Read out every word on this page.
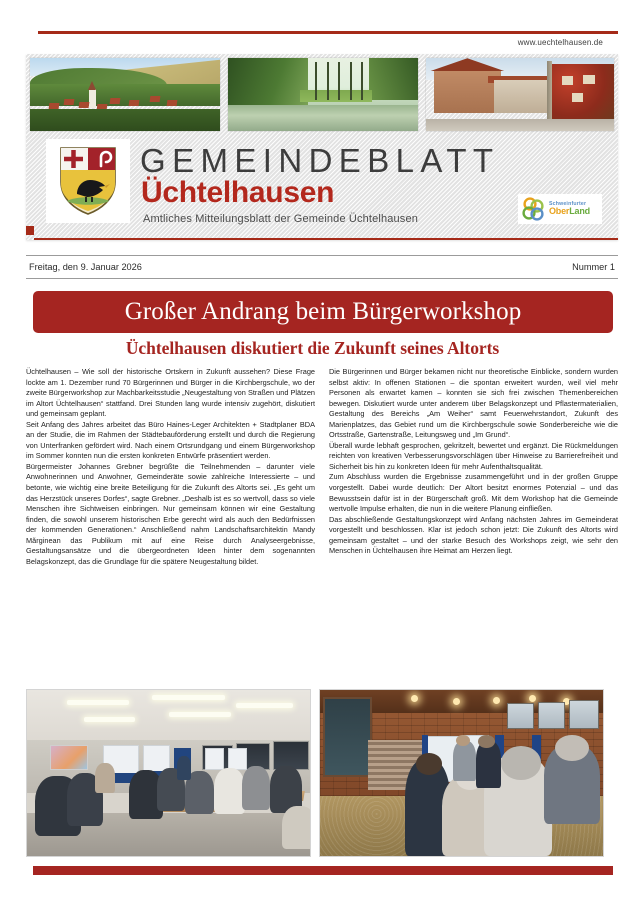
www.uechtelhausen.de
GEMEINDEBLATT
Üchtelhausen
Amtliches Mitteilungsblatt der Gemeinde Üchtelhausen
Schweinfurter
OberLand
Freitag, den 9. Januar 2026	Nummer 1
Großer Andrang beim Bürgerworkshop
Üchtelhausen diskutiert die Zukunft seines Altorts

Üchtelhausen – Wie soll der historische Ortskern in Zukunft aussehen? Diese Frage lockte am 1. Dezember rund 70 Bürgerinnen und Bürger in die Kirchbergschule, wo der zweite Bürgerworkshop zur Machbarkeitsstudie „Neugestaltung von Straßen und Plätzen im Altort Üchtelhausen“ stattfand. Drei Stunden lang wurde intensiv zugehört, diskutiert und gemeinsam geplant.

Seit Anfang des Jahres arbeitet das Büro Haines-Leger Architekten + Stadtplaner BDA an der Studie, die im Rahmen der Städtebauförderung erstellt und durch die Regierung von Unterfranken gefördert wird. Nach einem Ortsrundgang und einem Bürgerworkshop im Sommer konnten nun die ersten konkreten Entwürfe präsentiert werden.

Bürgermeister Johannes Grebner begrüßte die Teilnehmenden – darunter viele Anwohnerinnen und Anwohner, Gemeinderäte sowie zahlreiche Interessierte – und betonte, wie wichtig eine breite Beteiligung für die Zukunft des Altorts sei. „Es geht um das Herzstück unseres Dorfes“, sagte Grebner. „Deshalb ist es so wertvoll, dass so viele Menschen ihre Sichtweisen einbringen. Nur gemeinsam können wir eine Gestaltung finden, die sowohl unserem historischen Erbe gerecht wird als auch den Bedürfnissen der kommenden Generationen.“ Anschließend nahm Landschaftsarchitektin Mandy Mărginean das Publikum mit auf eine Reise durch Analyseergebnisse, Gestaltungsansätze und die übergeordneten Ideen hinter dem sogenannten Belagskonzept, das die Grundlage für die spätere Neugestaltung bildet.

Die Bürgerinnen und Bürger bekamen nicht nur theoretische Einblicke, sondern wurden selbst aktiv: In offenen Stationen – die spontan erweitert wurden, weil viel mehr Personen als erwartet kamen – konnten sie sich frei zwischen Themenbereichen bewegen. Diskutiert wurde unter anderem über Belagskonzept und Pflastermaterialien, Gestaltung des Bereichs „Am Weiher“ samt Feuerwehrstandort, Zukunft des Marienplatzes, das Gebiet rund um die Kirchbergschule sowie Sonderbereiche wie die Ortsstraße, Gartenstraße, Leitungsweg und „Im Grund“.

Überall wurde lebhaft gesprochen, gekritzelt, bewertet und ergänzt. Die Rückmeldungen reichten von kreativen Verbesserungsvorschlägen über Hinweise zu Barrierefreiheit und Sicherheit bis hin zu konkreten Ideen für mehr Aufenthaltsqualität.

Zum Abschluss wurden die Ergebnisse zusammengeführt und in der großen Gruppe vorgestellt. Dabei wurde deutlich: Der Altort besitzt enormes Potenzial – und das Bewusstsein dafür ist in der Bürgerschaft groß. Mit dem Workshop hat die Gemeinde wertvolle Impulse erhalten, die nun in die weitere Planung einfließen.

Das abschließende Gestaltungskonzept wird Anfang nächsten Jahres im Gemeinderat vorgestellt und beschlossen. Klar ist jedoch schon jetzt: Die Zukunft des Altorts wird gemeinsam gestaltet – und der starke Besuch des Workshops zeigt, wie sehr den Menschen in Üchtelhausen ihre Heimat am Herzen liegt.
